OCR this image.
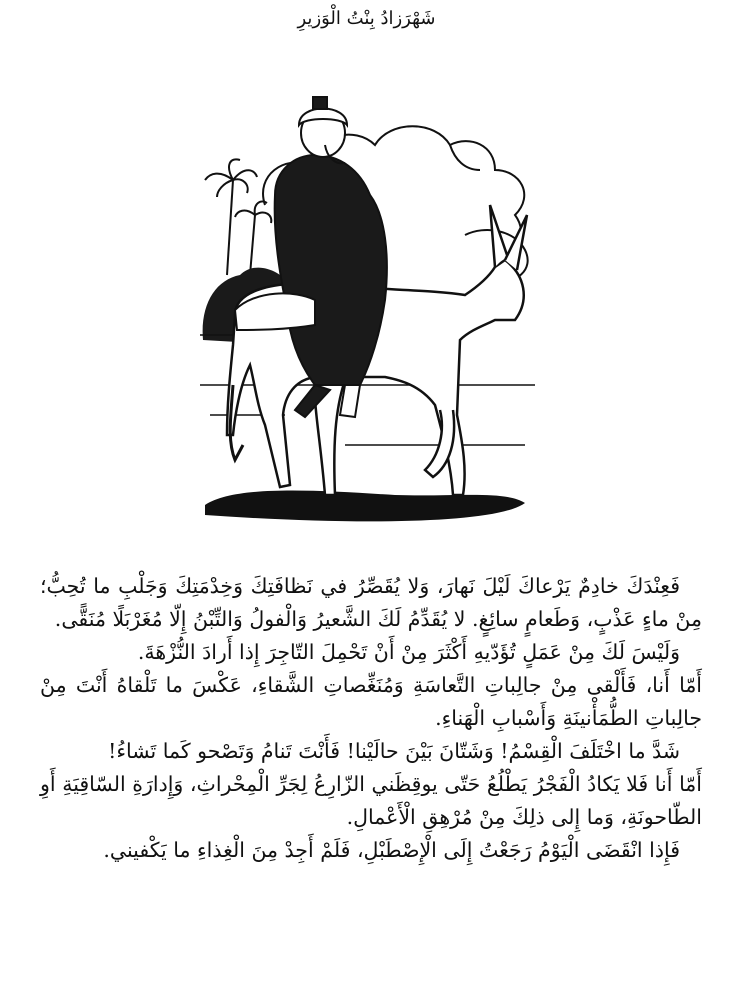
شَهْرَزادُ بِنْتُ الْوَزيرِ

فَعِنْدَكَ خادِمٌ يَرْعاكَ لَيْلَ نَهارَ، وَلا يُقَصِّرُ في نَظافَتِكَ وَخِدْمَتِكَ وَجَلْبِ ما تُحِبُّ؛ مِنْ ماءٍ عَذْبٍ، وَطَعامٍ سائِغٍ. لا يُقَدِّمُ لَكَ الشَّعيرُ وَالْفولُ وَالتِّبْنُ إِلّا مُغَرْبَلًا مُنَقًّى.

وَلَيْسَ لَكَ مِنْ عَمَلٍ تُؤَدّيهِ أَكْثَرَ مِنْ أَنْ تَحْمِلَ التّاجِرَ إِذا أَرادَ النُّزْهَةَ.

أَمّا أَنا، فَأَلْقى مِنْ جالِباتِ التَّعاسَةِ وَمُنَغِّصاتِ الشَّقاءِ، عَكْسَ ما تَلْقاهُ أَنْتَ مِنْ جالِباتِ الطُّمَأْنينَةِ وَأَسْبابِ الْهَناءِ.

شَدَّ ما اخْتَلَفَ الْقِسْمُ! وَشَتّانَ بَيْنَ حالَيْنا! فَأَنْتَ تَنامُ وَتَصْحو كَما تَشاءُ!

أَمّا أَنا فَلا يَكادُ الْفَجْرُ يَطْلُعُ حَتّى يوقِظَني الزّارِعُ لِجَرِّ الْمِحْراثِ، وَإِدارَةِ السّاقِيَةِ أَوِ الطّاحونَةِ، وَما إِلى ذلِكَ مِنْ مُرْهِقِ الْأَعْمالِ.

فَإِذا انْقَضَى الْيَوْمُ رَجَعْتُ إِلَى الْإِصْطَبْلِ، فَلَمْ أَجِدْ مِنَ الْغِذاءِ ما يَكْفيني.
